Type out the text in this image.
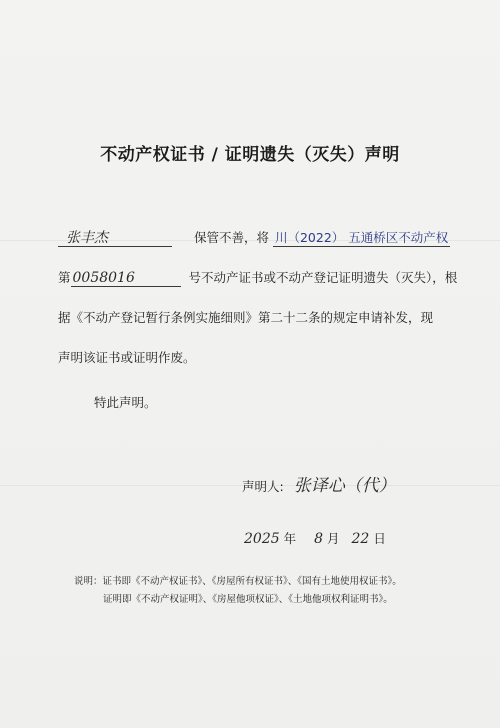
不动产权证书 / 证明遗失（灭失）声明
张丰杰	保管不善，将 川（2022） 五通桥区不动产权
第 0058016	号不动产证书或不动产登记证明遗失（灭失），根
据《不动产登记暂行条例实施细则》第二十二条的规定申请补发，现
声明该证书或证明作废。
特此声明。
声明人: 张译心（代）
2025 年 8 月 22 日
说明：证书即《不动产权证书》、《房屋所有权证书》、《国有土地使用权证书》。
证明即《不动产权证明》、《房屋他项权证》、《土地他项权利证明书》。
